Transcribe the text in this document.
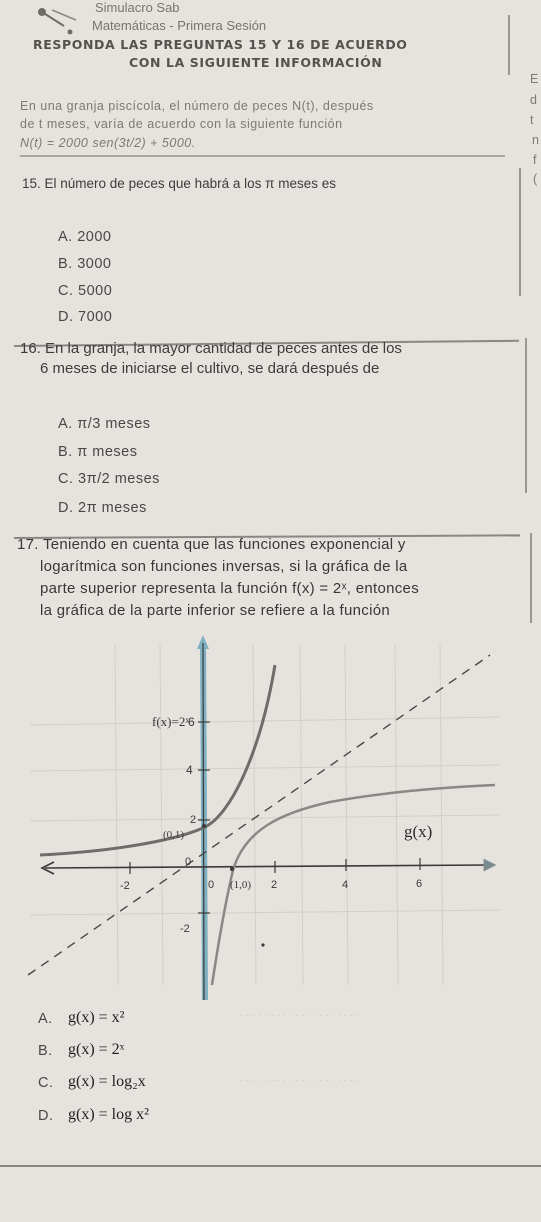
Simulacro Sab
Matemáticas - Primera Sesión
RESPONDA LAS PREGUNTAS 15 Y 16 DE ACUERDO
CON LA SIGUIENTE INFORMACIÓN
En una granja piscícola, el número de peces N(t), después
de t meses, varía de acuerdo con la siguiente función
N(t) = 2000 sen(3t/2) + 5000.
E
d
t
n
f
(
15. El número de peces que habrá a los π meses es
A. 2000
B. 3000
C. 5000
D. 7000
16. En la granja, la mayor cantidad de peces antes de los
6 meses de iniciarse el cultivo, se dará después de
A. π/3 meses
B. π meses
C. 3π/2 meses
D. 2π meses
17. Teniendo en cuenta que las funciones exponencial y
logarítmica son funciones inversas, si la gráfica de la
parte superior representa la función f(x) = 2ˣ, entonces
la gráfica de la parte inferior se refiere a la función
f(x)=2ˣ
6
4
2
(0,1)
0
-2	0 (1,0) 2	4	6
-2
g(x)
· · · · · · · · · · · · · · · · · · · ·
· · · · · · · · · · · · · · · · · · · ·
A. g(x) = x²
B. g(x) = 2ˣ
C. g(x) = log₂x
D. g(x) = log x²
